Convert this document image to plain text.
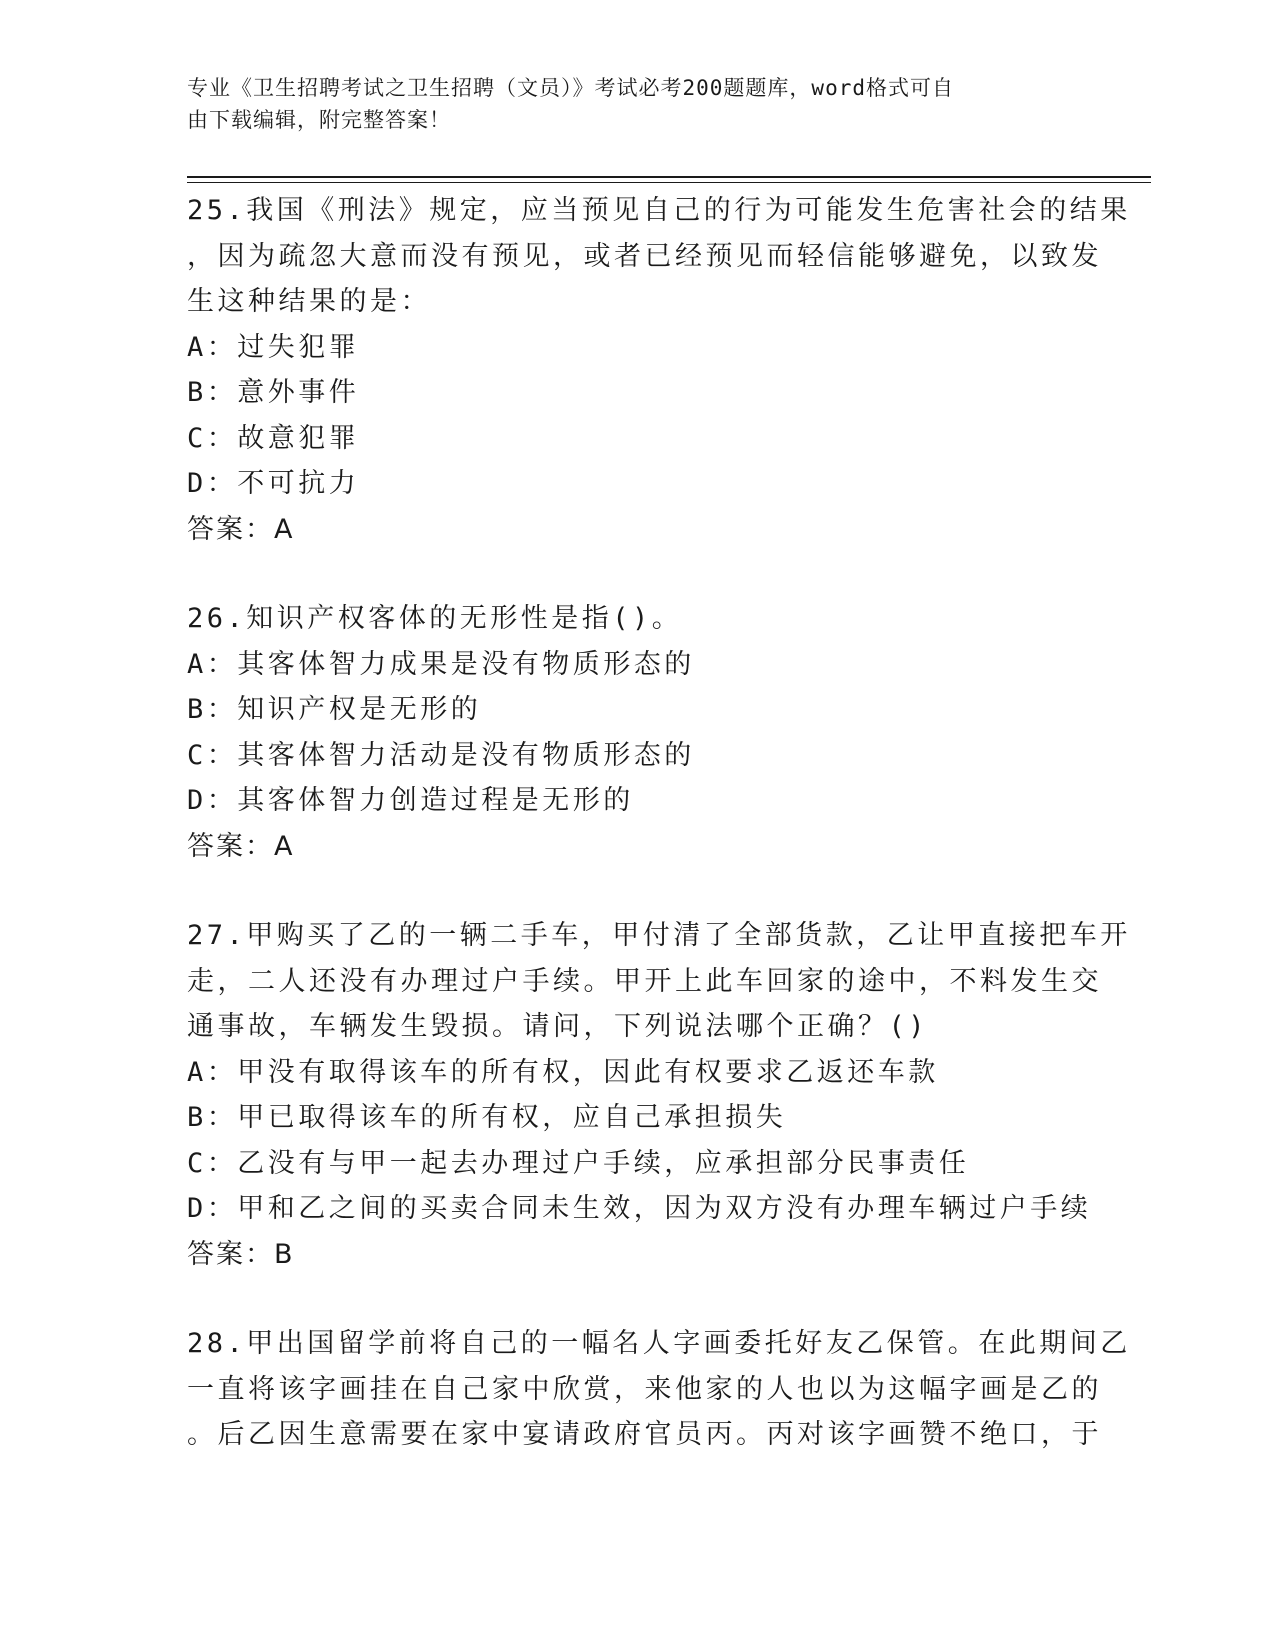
专业《卫生招聘考试之卫生招聘（文员）》考试必考200题题库，word格式可自
由下载编辑，附完整答案！
25.我国《刑法》规定，应当预见自己的行为可能发生危害社会的结果
，因为疏忽大意而没有预见，或者已经预见而轻信能够避免，以致发
生这种结果的是：
A：过失犯罪
B：意外事件
C：故意犯罪
D：不可抗力
答案：A
26.知识产权客体的无形性是指()。
A：其客体智力成果是没有物质形态的
B：知识产权是无形的
C：其客体智力活动是没有物质形态的
D：其客体智力创造过程是无形的
答案：A
27.甲购买了乙的一辆二手车，甲付清了全部货款，乙让甲直接把车开
走，二人还没有办理过户手续。甲开上此车回家的途中，不料发生交
通事故，车辆发生毁损。请问，下列说法哪个正确？()
A：甲没有取得该车的所有权，因此有权要求乙返还车款
B：甲已取得该车的所有权，应自己承担损失
C：乙没有与甲一起去办理过户手续，应承担部分民事责任
D：甲和乙之间的买卖合同未生效，因为双方没有办理车辆过户手续
答案：B
28.甲出国留学前将自己的一幅名人字画委托好友乙保管。在此期间乙
一直将该字画挂在自己家中欣赏，来他家的人也以为这幅字画是乙的
。后乙因生意需要在家中宴请政府官员丙。丙对该字画赞不绝口，于
